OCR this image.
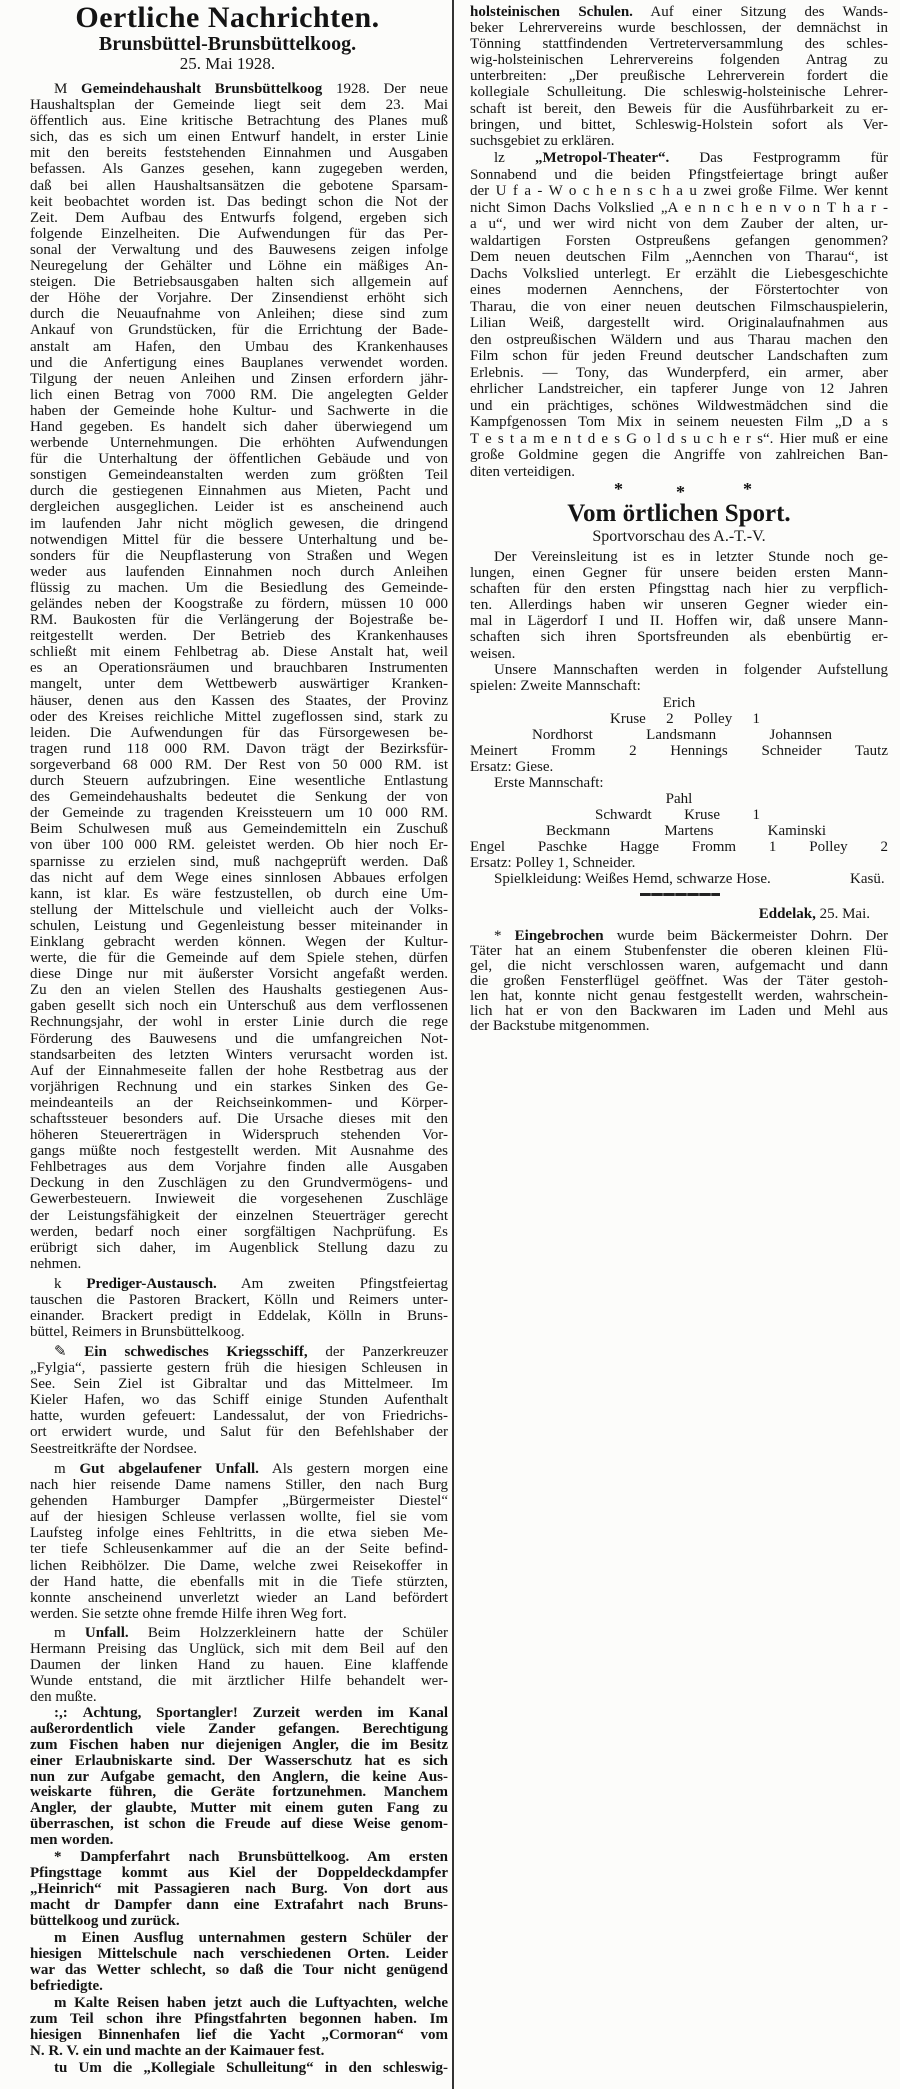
Oertliche Nachrichten.
Brunsbüttel-Brunsbüttelkoog.
25. Mai 1928.
M Gemeindehaushalt Brunsbüttelkoog 1928. Der neue
Haushaltsplan der Gemeinde liegt seit dem 23. Mai
öffentlich aus. Eine kritische Betrachtung des Planes muß
sich, das es sich um einen Entwurf handelt, in erster Linie
mit den bereits feststehenden Einnahmen und Ausgaben
befassen. Als Ganzes gesehen, kann zugegeben werden,
daß bei allen Haushaltsansätzen die gebotene Sparsam-
keit beobachtet worden ist. Das bedingt schon die Not der
Zeit. Dem Aufbau des Entwurfs folgend, ergeben sich
folgende Einzelheiten. Die Aufwendungen für das Per-
sonal der Verwaltung und des Bauwesens zeigen infolge
Neuregelung der Gehälter und Löhne ein mäßiges An-
steigen. Die Betriebsausgaben halten sich allgemein auf
der Höhe der Vorjahre. Der Zinsendienst erhöht sich
durch die Neuaufnahme von Anleihen; diese sind zum
Ankauf von Grundstücken, für die Errichtung der Bade-
anstalt am Hafen, den Umbau des Krankenhauses
und die Anfertigung eines Bauplanes verwendet worden.
Tilgung der neuen Anleihen und Zinsen erfordern jähr-
lich einen Betrag von 7000 RM. Die angelegten Gelder
haben der Gemeinde hohe Kultur- und Sachwerte in die
Hand gegeben. Es handelt sich daher überwiegend um
werbende Unternehmungen. Die erhöhten Aufwendungen
für die Unterhaltung der öffentlichen Gebäude und von
sonstigen Gemeindeanstalten werden zum größten Teil
durch die gestiegenen Einnahmen aus Mieten, Pacht und
dergleichen ausgeglichen. Leider ist es anscheinend auch
im laufenden Jahr nicht möglich gewesen, die dringend
notwendigen Mittel für die bessere Unterhaltung und be-
sonders für die Neupflasterung von Straßen und Wegen
weder aus laufenden Einnahmen noch durch Anleihen
flüssig zu machen. Um die Besiedlung des Gemeinde-
geländes neben der Koogstraße zu fördern, müssen 10 000
RM. Baukosten für die Verlängerung der Bojestraße be-
reitgestellt werden. Der Betrieb des Krankenhauses
schließt mit einem Fehlbetrag ab. Diese Anstalt hat, weil
es an Operationsräumen und brauchbaren Instrumenten
mangelt, unter dem Wettbewerb auswärtiger Kranken-
häuser, denen aus den Kassen des Staates, der Provinz
oder des Kreises reichliche Mittel zugeflossen sind, stark zu
leiden. Die Aufwendungen für das Fürsorgewesen be-
tragen rund 118 000 RM. Davon trägt der Bezirksfür-
sorgeverband 68 000 RM. Der Rest von 50 000 RM. ist
durch Steuern aufzubringen. Eine wesentliche Entlastung
des Gemeindehaushalts bedeutet die Senkung der von
der Gemeinde zu tragenden Kreissteuern um 10 000 RM.
Beim Schulwesen muß aus Gemeindemitteln ein Zuschuß
von über 100 000 RM. geleistet werden. Ob hier noch Er-
sparnisse zu erzielen sind, muß nachgeprüft werden. Daß
das nicht auf dem Wege eines sinnlosen Abbaues erfolgen
kann, ist klar. Es wäre festzustellen, ob durch eine Um-
stellung der Mittelschule und vielleicht auch der Volks-
schulen, Leistung und Gegenleistung besser miteinander in
Einklang gebracht werden können. Wegen der Kultur-
werte, die für die Gemeinde auf dem Spiele stehen, dürfen
diese Dinge nur mit äußerster Vorsicht angefaßt werden.
Zu den an vielen Stellen des Haushalts gestiegenen Aus-
gaben gesellt sich noch ein Unterschuß aus dem verflossenen
Rechnungsjahr, der wohl in erster Linie durch die rege
Förderung des Bauwesens und die umfangreichen Not-
standsarbeiten des letzten Winters verursacht worden ist.
Auf der Einnahmeseite fallen der hohe Restbetrag aus der
vorjährigen Rechnung und ein starkes Sinken des Ge-
meindeanteils an der Reichseinkommen- und Körper-
schaftssteuer besonders auf. Die Ursache dieses mit den
höheren Steuererträgen in Widerspruch stehenden Vor-
gangs müßte noch festgestellt werden. Mit Ausnahme des
Fehlbetrages aus dem Vorjahre finden alle Ausgaben
Deckung in den Zuschlägen zu den Grundvermögens- und
Gewerbesteuern. Inwieweit die vorgesehenen Zuschläge
der Leistungsfähigkeit der einzelnen Steuerträger gerecht
werden, bedarf noch einer sorgfältigen Nachprüfung. Es
erübrigt sich daher, im Augenblick Stellung dazu zu
nehmen.
k Prediger-Austausch. Am zweiten Pfingstfeiertag
tauschen die Pastoren Brackert, Kölln und Reimers unter-
einander. Brackert predigt in Eddelak, Kölln in Bruns-
büttel, Reimers in Brunsbüttelkoog.
✎ Ein schwedisches Kriegsschiff, der Panzerkreuzer
„Fylgia“, passierte gestern früh die hiesigen Schleusen in
See. Sein Ziel ist Gibraltar und das Mittelmeer. Im
Kieler Hafen, wo das Schiff einige Stunden Aufenthalt
hatte, wurden gefeuert: Landessalut, der von Friedrichs-
ort erwidert wurde, und Salut für den Befehlshaber der
Seestreitkräfte der Nordsee.
m Gut abgelaufener Unfall. Als gestern morgen eine
nach hier reisende Dame namens Stiller, den nach Burg
gehenden Hamburger Dampfer „Bürgermeister Diestel“
auf der hiesigen Schleuse verlassen wollte, fiel sie vom
Laufsteg infolge eines Fehltritts, in die etwa sieben Me-
ter tiefe Schleusenkammer auf die an der Seite befind-
lichen Reibhölzer. Die Dame, welche zwei Reisekoffer in
der Hand hatte, die ebenfalls mit in die Tiefe stürzten,
konnte anscheinend unverletzt wieder an Land befördert
werden. Sie setzte ohne fremde Hilfe ihren Weg fort.
m Unfall. Beim Holzzerkleinern hatte der Schüler
Hermann Preising das Unglück, sich mit dem Beil auf den
Daumen der linken Hand zu hauen. Eine klaffende
Wunde entstand, die mit ärztlicher Hilfe behandelt wer-
den mußte.
:,: Achtung, Sportangler! Zurzeit werden im Kanal
außerordentlich viele Zander gefangen. Berechtigung
zum Fischen haben nur diejenigen Angler, die im Besitz
einer Erlaubniskarte sind. Der Wasserschutz hat es sich
nun zur Aufgabe gemacht, den Anglern, die keine Aus-
weiskarte führen, die Geräte fortzunehmen. Manchem
Angler, der glaubte, Mutter mit einem guten Fang zu
überraschen, ist schon die Freude auf diese Weise genom-
men worden.
* Dampferfahrt nach Brunsbüttelkoog. Am ersten
Pfingsttage kommt aus Kiel der Doppeldeckdampfer
„Heinrich“ mit Passagieren nach Burg. Von dort aus
macht dr Dampfer dann eine Extrafahrt nach Bruns-
büttelkoog und zurück.
m Einen Ausflug unternahmen gestern Schüler der
hiesigen Mittelschule nach verschiedenen Orten. Leider
war das Wetter schlecht, so daß die Tour nicht genügend
befriedigte.
m Kalte Reisen haben jetzt auch die Luftyachten, welche
zum Teil schon ihre Pfingstfahrten begonnen haben. Im
hiesigen Binnenhafen lief die Yacht „Cormoran“ vom
N. R. V. ein und machte an der Kaimauer fest.
tu Um die „Kollegiale Schulleitung“ in den schleswig-
holsteinischen Schulen. Auf einer Sitzung des Wands-
beker Lehrervereins wurde beschlossen, der demnächst in
Tönning stattfindenden Vertreterversammlung des schles-
wig-holsteinischen Lehrervereins folgenden Antrag zu
unterbreiten: „Der preußische Lehrerverein fordert die
kollegiale Schulleitung. Die schleswig-holsteinische Lehrer-
schaft ist bereit, den Beweis für die Ausführbarkeit zu er-
bringen, und bittet, Schleswig-Holstein sofort als Ver-
suchsgebiet zu erklären.
lz „Metropol-Theater“. Das Festprogramm für
Sonnabend und die beiden Pfingstfeiertage bringt außer
der U f a - W o c h e n s c h a u zwei große Filme. Wer kennt
nicht Simon Dachs Volkslied „A e n n c h e n v o n T h a r -
a u“, und wer wird nicht von dem Zauber der alten, ur-
waldartigen Forsten Ostpreußens gefangen genommen?
Dem neuen deutschen Film „Aennchen von Tharau“, ist
Dachs Volkslied unterlegt. Er erzählt die Liebesgeschichte
eines modernen Aennchens, der Förstertochter von
Tharau, die von einer neuen deutschen Filmschauspielerin,
Lilian Weiß, dargestellt wird. Originalaufnahmen aus
den ostpreußischen Wäldern und aus Tharau machen den
Film schon für jeden Freund deutscher Landschaften zum
Erlebnis. — Tony, das Wunderpferd, ein armer, aber
ehrlicher Landstreicher, ein tapferer Junge von 12 Jahren
und ein prächtiges, schönes Wildwestmädchen sind die
Kampfgenossen Tom Mix in seinem neuesten Film „D a s
T e s t a m e n t d e s G o l d s u c h e r s“. Hier muß er eine
große Goldmine gegen die Angriffe von zahlreichen Ban-
diten verteidigen.
*	*	*
Vom örtlichen Sport.
Sportvorschau des A.-T.-V.
Der Vereinsleitung ist es in letzter Stunde noch ge-
lungen, einen Gegner für unsere beiden ersten Mann-
schaften für den ersten Pfingsttag nach hier zu verpflich-
ten. Allerdings haben wir unseren Gegner wieder ein-
mal in Lägerdorf I und II. Hoffen wir, daß unsere Mann-
schaften sich ihren Sportsfreunden als ebenbürtig er-
weisen.
Unsere Mannschaften werden in folgender Aufstellung
spielen: Zweite Mannschaft:
Erich
Kruse 2 Polley 1
Nordhorst Landsmann Johannsen
Meinert Fromm 2 Hennings Schneider Tautz
Ersatz: Giese.
Erste Mannschaft:
Pahl
Schwardt Kruse 1
Beckmann Martens Kaminski
Engel Paschke Hagge Fromm 1 Polley 2
Ersatz: Polley 1, Schneider.
Spielkleidung: Weißes Hemd, schwarze Hose.	Kasü.
Eddelak, 25. Mai.
* Eingebrochen wurde beim Bäckermeister Dohrn. Der
Täter hat an einem Stubenfenster die oberen kleinen Flü-
gel, die nicht verschlossen waren, aufgemacht und dann
die großen Fensterflügel geöffnet. Was der Täter gestoh-
len hat, konnte nicht genau festgestellt werden, wahrschein-
lich hat er von den Backwaren im Laden und Mehl aus
der Backstube mitgenommen.
